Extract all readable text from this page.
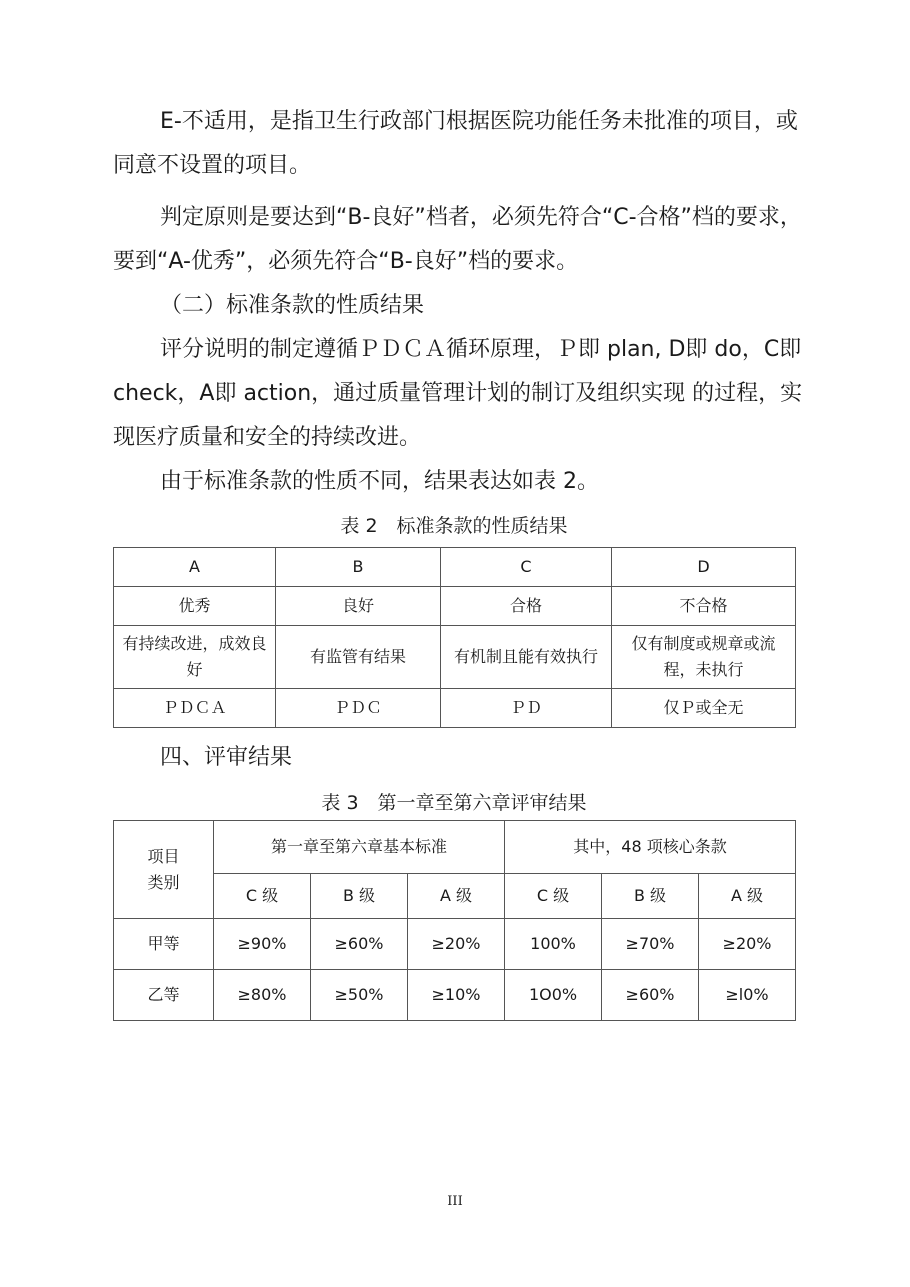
E-不适用，是指卫生行政部门根据医院功能任务未批准的项目，或同意不设置的项目。

判定原则是要达到“B-良好”档者，必须先符合“C-合格”档的要求，要到“A-优秀”，必须先符合“B-良好”档的要求。

（二）标准条款的性质结果

评分说明的制定遵循ＰＤＣＡ循环原理，Ｐ即 plan, D即 do，C即 check，A即 action，通过质量管理计划的制订及组织实现 的过程，实现医疗质量和安全的持续改进。

由于标准条款的性质不同，结果表达如表 2。

表 2　标准条款的性质结果

A	B	C	D
优秀	良好	合格	不合格
有持续改进，成效良好	有监管有结果	有机制且能有效执行	仅有制度或规章或流程，未执行
ＰＤＣＡ	ＰＤＣ	ＰＤ	仅Ｐ或全无

四、评审结果

表 3　第一章至第六章评审结果

项目
类别	第一章至第六章基本标准			其中，48 项核心条款		
	C 级	B 级	A 级	C 级	B 级	A 级
甲等	≥90%	≥60%	≥20%	100%	≥70%	≥20%
乙等	≥80%	≥50%	≥10%	1O0%	≥60%	≥l0%
III
